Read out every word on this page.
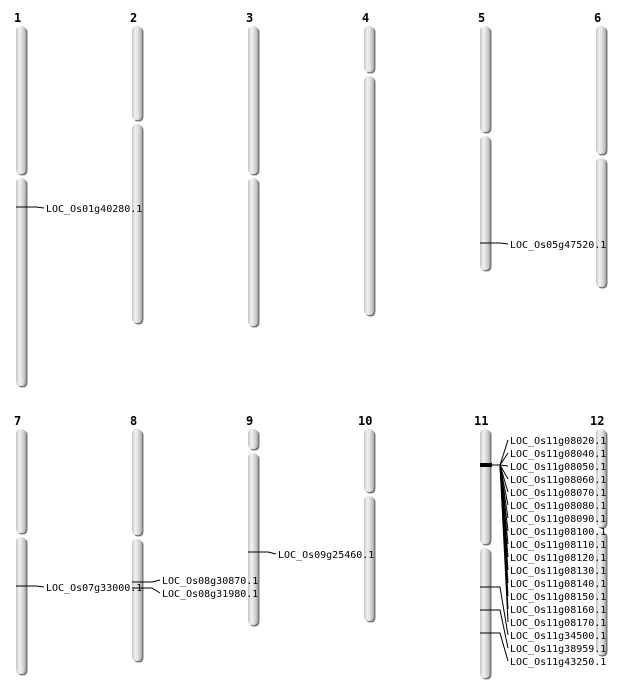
1	2	3	4	5	6
7	8	9	10	11	12
LOC_Os01g40280.1
LOC_Os05g47520.1
LOC_Os07g33000.1
LOC_Os08g30870.1
LOC_Os08g31980.1
LOC_Os09g25460.1
LOC_Os11g08020.1
LOC_Os11g08040.1
LOC_Os11g08050.1
LOC_Os11g08060.1
LOC_Os11g08070.1
LOC_Os11g08080.1
LOC_Os11g08090.1
LOC_Os11g08100.1
LOC_Os11g08110.1
LOC_Os11g08120.1
LOC_Os11g08130.1
LOC_Os11g08140.1
LOC_Os11g08150.1
LOC_Os11g08160.1
LOC_Os11g08170.1
LOC_Os11g34500.1
LOC_Os11g38959.1
LOC_Os11g43250.1
